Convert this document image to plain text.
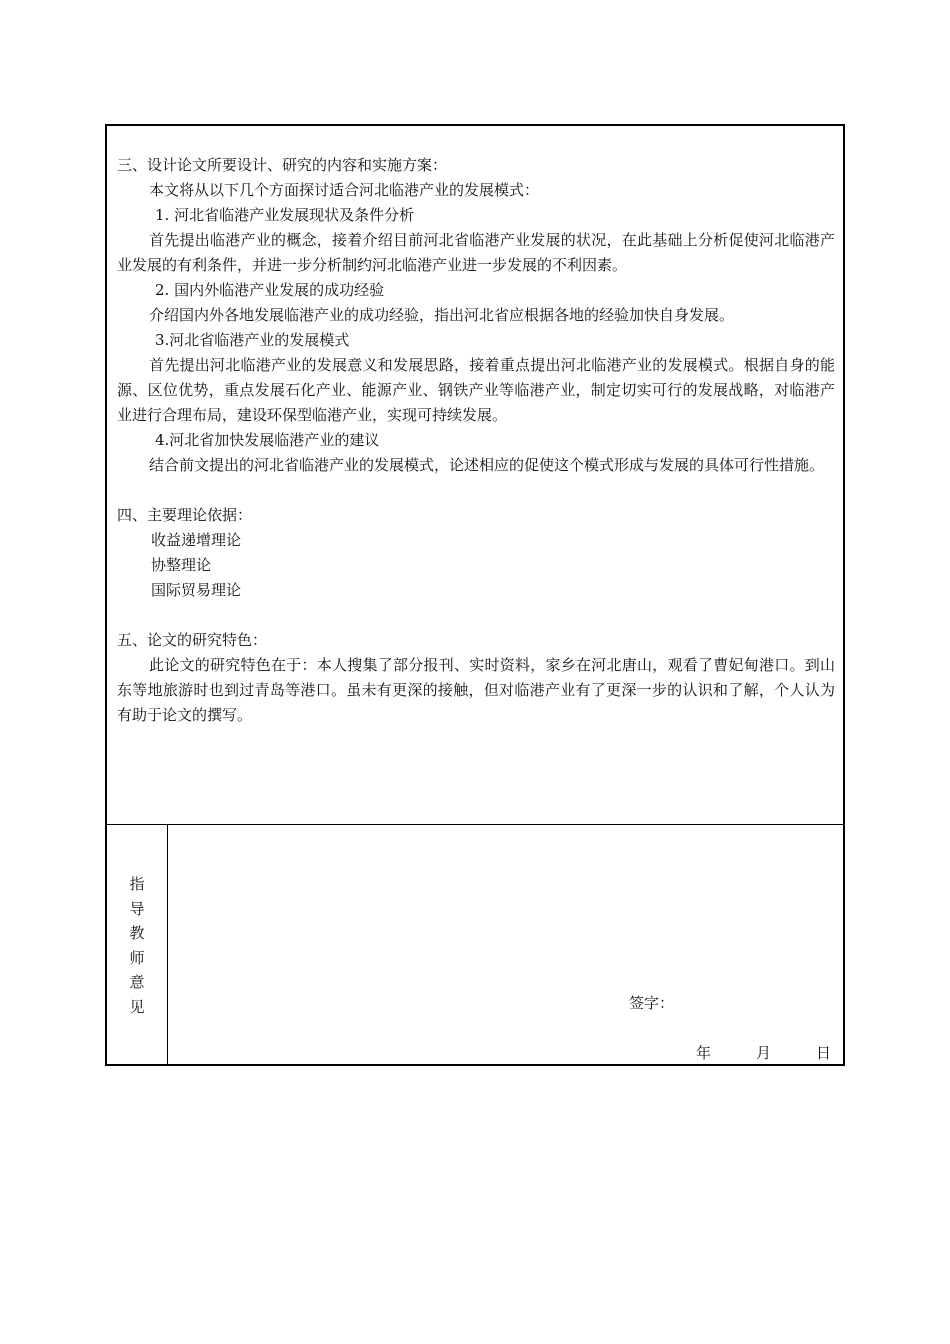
三、设计论文所要设计、研究的内容和实施方案：

本文将从以下几个方面探讨适合河北临港产业的发展模式：

1. 河北省临港产业发展现状及条件分析

首先提出临港产业的概念，接着介绍目前河北省临港产业发展的状况，在此基础上分析促使河北临港产业发展的有利条件，并进一步分析制约河北临港产业进一步发展的不利因素。

2. 国内外临港产业发展的成功经验

介绍国内外各地发展临港产业的成功经验，指出河北省应根据各地的经验加快自身发展。

3.河北省临港产业的发展模式

首先提出河北临港产业的发展意义和发展思路，接着重点提出河北临港产业的发展模式。根据自身的能源、区位优势，重点发展石化产业、能源产业、钢铁产业等临港产业，制定切实可行的发展战略，对临港产业进行合理布局，建设环保型临港产业，实现可持续发展。

4.河北省加快发展临港产业的建议

结合前文提出的河北省临港产业的发展模式，论述相应的促使这个模式形成与发展的具体可行性措施。

四、主要理论依据：

收益递增理论

协整理论

国际贸易理论

五、论文的研究特色：

此论文的研究特色在于：本人搜集了部分报刊、实时资料，家乡在河北唐山，观看了曹妃甸港口。到山东等地旅游时也到过青岛等港口。虽未有更深的接触，但对临港产业有了更深一步的认识和了解，个人认为有助于论文的撰写。

指
导
教
师
意
见	签字：
年	月	日
